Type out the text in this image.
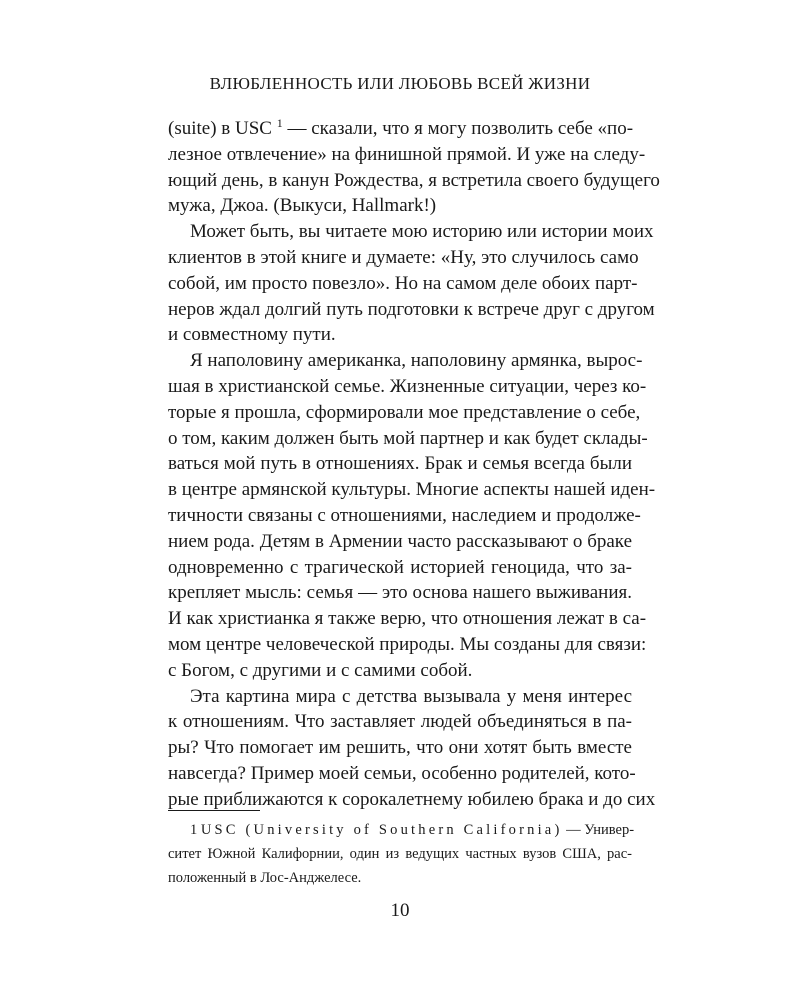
ВЛЮБЛЕННОСТЬ ИЛИ ЛЮБОВЬ ВСЕЙ ЖИЗНИ
(suite) в USC $^1$ — сказали, что я могу позволить себе «по-
лезное отвлечение» на финишной прямой. И уже на следу-
ющий день, в канун Рождества, я встретила своего будущего
мужа, Джоа. (Выкуси, Hallmark!)
Может быть, вы читаете мою историю или истории моих
клиентов в этой книге и думаете: «Ну, это случилось само
собой, им просто повезло». Но на самом деле обоих парт-
неров ждал долгий путь подготовки к встрече друг с другом
и совместному пути.
Я наполовину американка, наполовину армянка, вырос-
шая в христианской семье. Жизненные ситуации, через ко-
торые я прошла, сформировали мое представление о себе,
о том, каким должен быть мой партнер и как будет склады-
ваться мой путь в отношениях. Брак и семья всегда были
в центре армянской культуры. Многие аспекты нашей иден-
тичности связаны с отношениями, наследием и продолже-
нием рода. Детям в Армении часто рассказывают о браке
одновременно с трагической историей геноцида, что за-
крепляет мысль: семья — это основа нашего выживания.
И как христианка я также верю, что отношения лежат в са-
мом центре человеческой природы. Мы созданы для связи:
с Богом, с другими и с самими собой.
Эта картина мира с детства вызывала у меня интерес
к отношениям. Что заставляет людей объединяться в па-
ры? Что помогает им решить, что они хотят быть вместе
навсегда? Пример моей семьи, особенно родителей, кото-
рые приближаются к сорокалетнему юбилею брака и до сих
1 USC (University of Southern California) — Универ-
ситет Южной Калифорнии, один из ведущих частных вузов США, рас-
положенный в Лос-Анджелесе.
10
